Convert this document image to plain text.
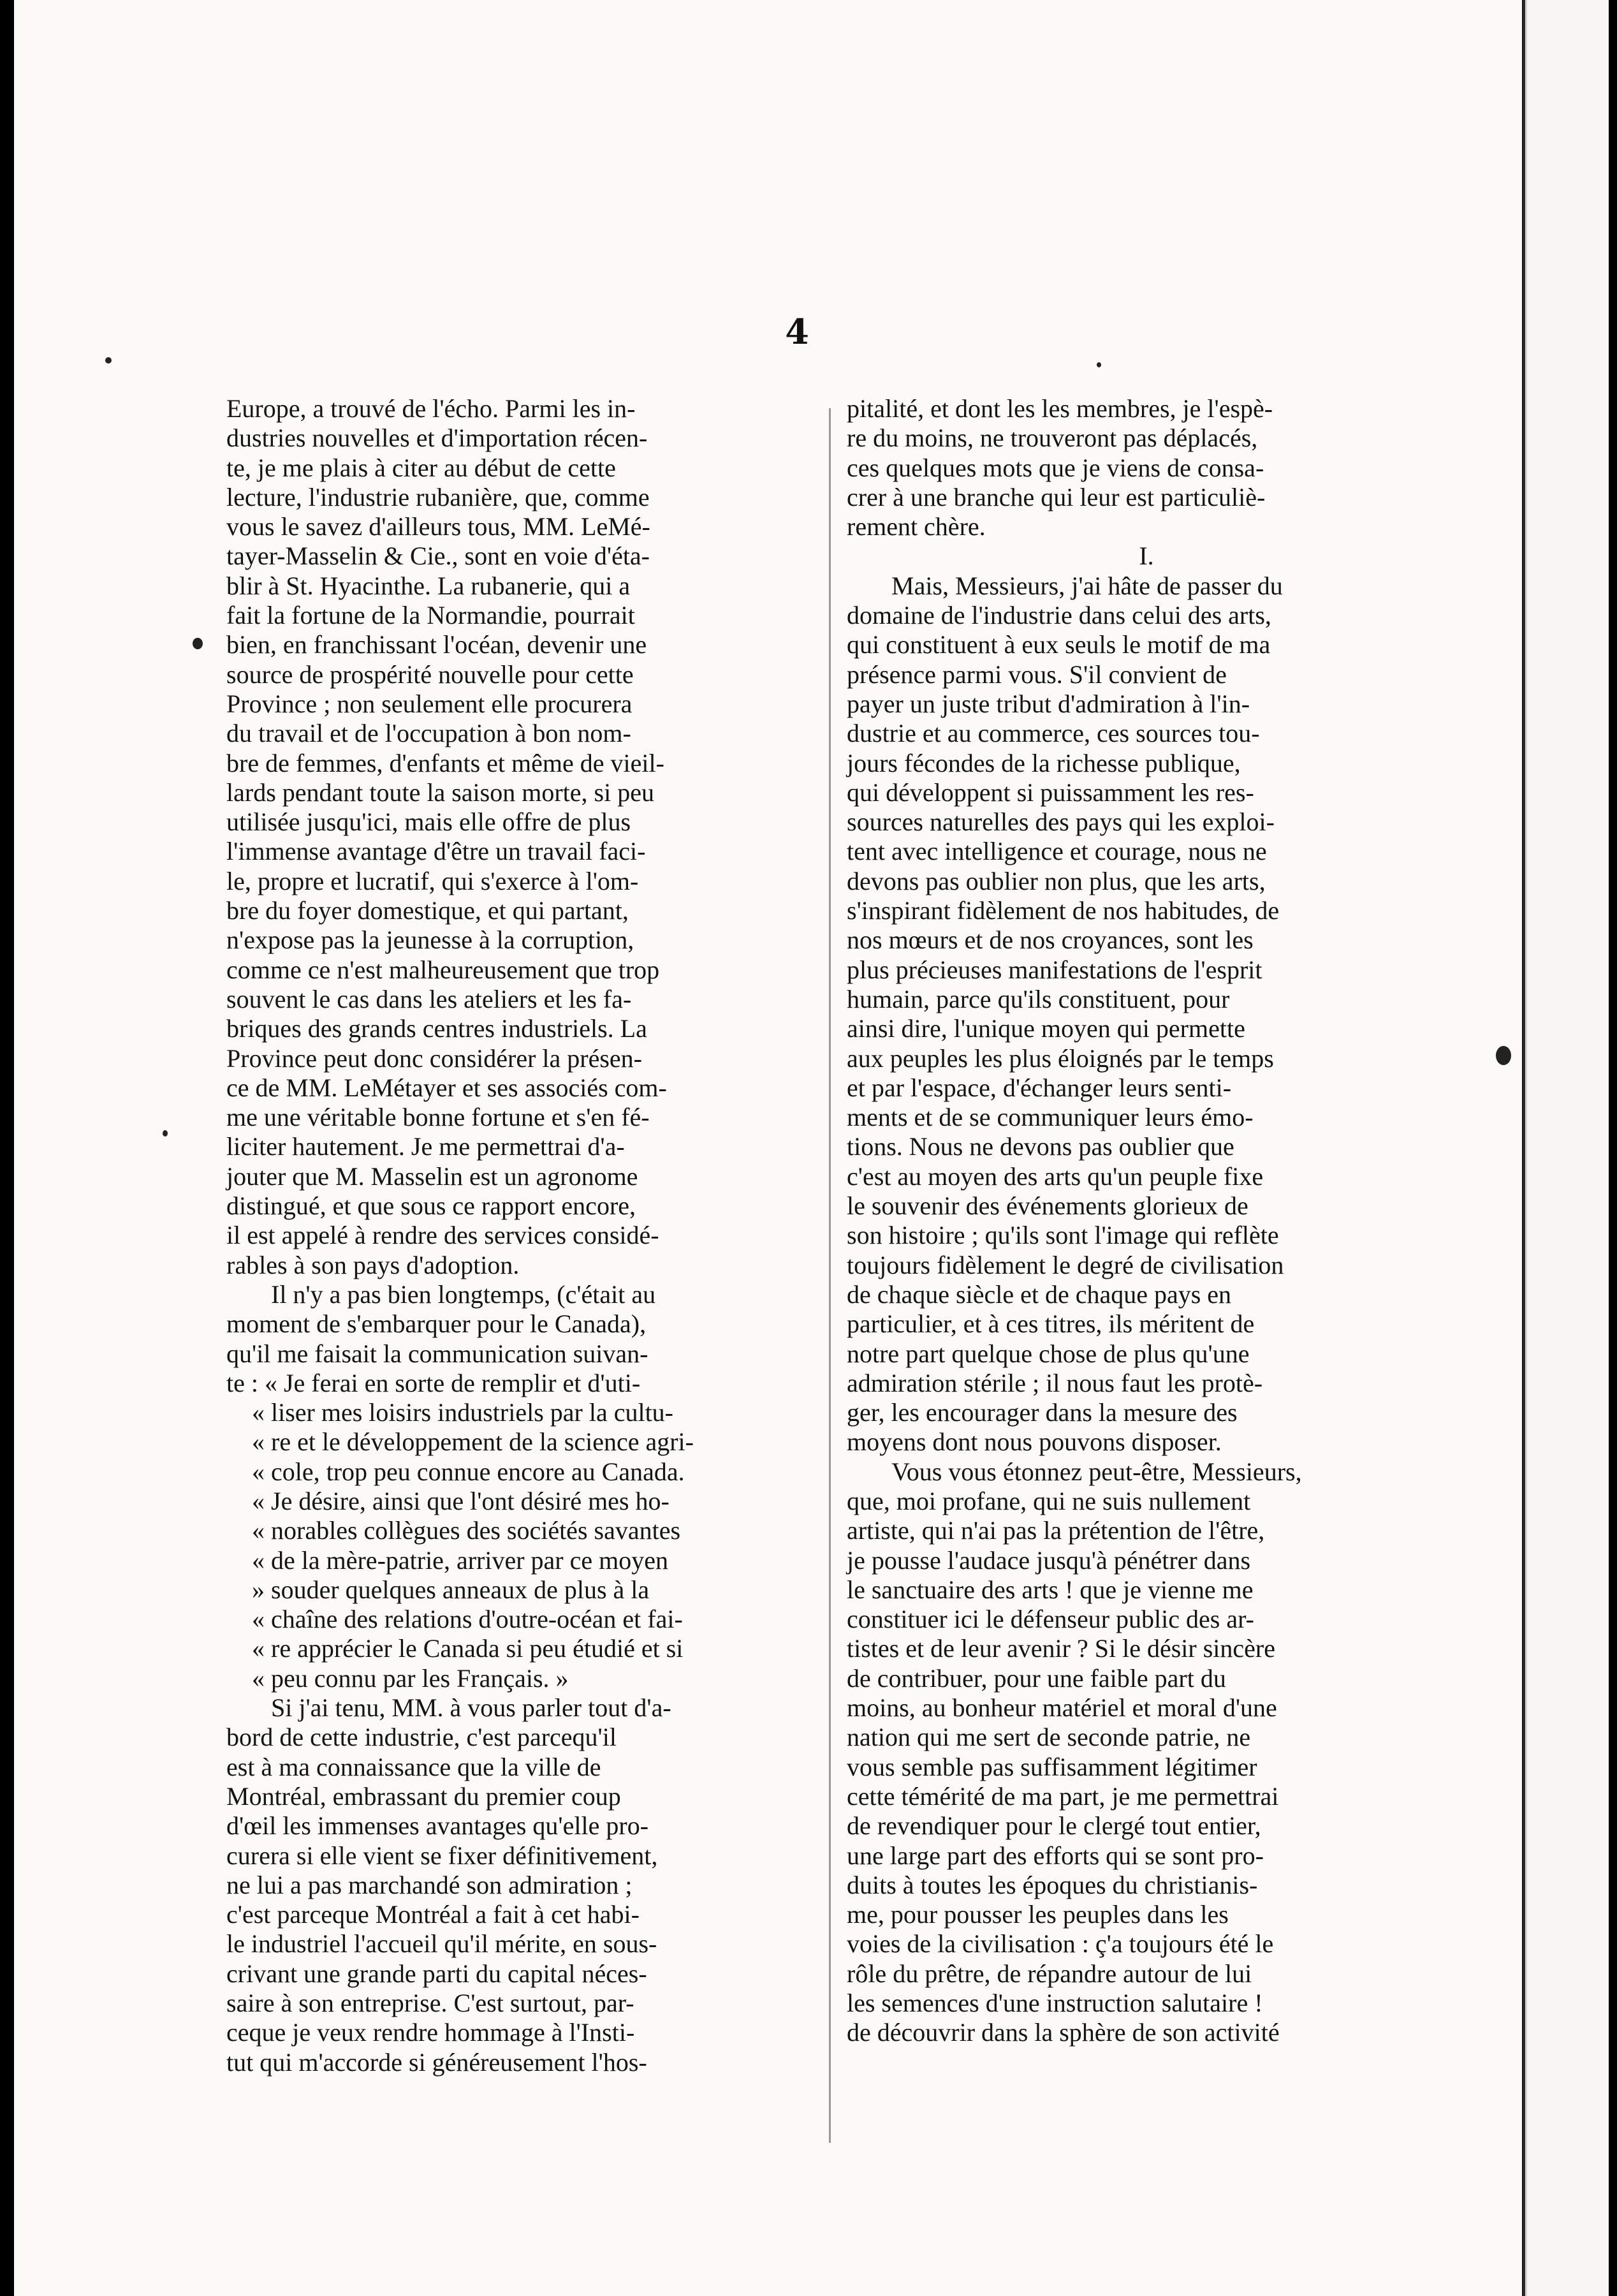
4
Europe, a trouvé de l'écho. Parmi les in-
dustries nouvelles et d'importation récen-
te, je me plais à citer au début de cette
lecture, l'industrie rubanière, que, comme
vous le savez d'ailleurs tous, MM. LeMé-
tayer-Masselin & Cie., sont en voie d'éta-
blir à St. Hyacinthe. La rubanerie, qui a
fait la fortune de la Normandie, pourrait
bien, en franchissant l'océan, devenir une
source de prospérité nouvelle pour cette
Province ; non seulement elle procurera
du travail et de l'occupation à bon nom-
bre de femmes, d'enfants et même de vieil-
lards pendant toute la saison morte, si peu
utilisée jusqu'ici, mais elle offre de plus
l'immense avantage d'être un travail faci-
le, propre et lucratif, qui s'exerce à l'om-
bre du foyer domestique, et qui partant,
n'expose pas la jeunesse à la corruption,
comme ce n'est malheureusement que trop
souvent le cas dans les ateliers et les fa-
briques des grands centres industriels. La
Province peut donc considérer la présen-
ce de MM. LeMétayer et ses associés com-
me une véritable bonne fortune et s'en fé-
liciter hautement. Je me permettrai d'a-
jouter que M. Masselin est un agronome
distingué, et que sous ce rapport encore,
il est appelé à rendre des services considé-
rables à son pays d'adoption.
Il n'y a pas bien longtemps, (c'était au
moment de s'embarquer pour le Canada),
qu'il me faisait la communication suivan-
te : « Je ferai en sorte de remplir et d'uti-
« liser mes loisirs industriels par la cultu-
« re et le développement de la science agri-
« cole, trop peu connue encore au Canada.
« Je désire, ainsi que l'ont désiré mes ho-
« norables collègues des sociétés savantes
« de la mère-patrie, arriver par ce moyen
» souder quelques anneaux de plus à la
« chaîne des relations d'outre-océan et fai-
« re apprécier le Canada si peu étudié et si
« peu connu par les Français. »
Si j'ai tenu, MM. à vous parler tout d'a-
bord de cette industrie, c'est parcequ'il
est à ma connaissance que la ville de
Montréal, embrassant du premier coup
d'œil les immenses avantages qu'elle pro-
curera si elle vient se fixer définitivement,
ne lui a pas marchandé son admiration ;
c'est parceque Montréal a fait à cet habi-
le industriel l'accueil qu'il mérite, en sous-
crivant une grande parti du capital néces-
saire à son entreprise. C'est surtout, par-
ceque je veux rendre hommage à l'Insti-
tut qui m'accorde si généreusement l'hos-
pitalité, et dont les les membres, je l'espè-
re du moins, ne trouveront pas déplacés,
ces quelques mots que je viens de consa-
crer à une branche qui leur est particuliè-
rement chère.
I.
Mais, Messieurs, j'ai hâte de passer du
domaine de l'industrie dans celui des arts,
qui constituent à eux seuls le motif de ma
présence parmi vous. S'il convient de
payer un juste tribut d'admiration à l'in-
dustrie et au commerce, ces sources tou-
jours fécondes de la richesse publique,
qui développent si puissamment les res-
sources naturelles des pays qui les exploi-
tent avec intelligence et courage, nous ne
devons pas oublier non plus, que les arts,
s'inspirant fidèlement de nos habitudes, de
nos mœurs et de nos croyances, sont les
plus précieuses manifestations de l'esprit
humain, parce qu'ils constituent, pour
ainsi dire, l'unique moyen qui permette
aux peuples les plus éloignés par le temps
et par l'espace, d'échanger leurs senti-
ments et de se communiquer leurs émo-
tions. Nous ne devons pas oublier que
c'est au moyen des arts qu'un peuple fixe
le souvenir des événements glorieux de
son histoire ; qu'ils sont l'image qui reflète
toujours fidèlement le degré de civilisation
de chaque siècle et de chaque pays en
particulier, et à ces titres, ils méritent de
notre part quelque chose de plus qu'une
admiration stérile ; il nous faut les protè-
ger, les encourager dans la mesure des
moyens dont nous pouvons disposer.
Vous vous étonnez peut-être, Messieurs,
que, moi profane, qui ne suis nullement
artiste, qui n'ai pas la prétention de l'être,
je pousse l'audace jusqu'à pénétrer dans
le sanctuaire des arts ! que je vienne me
constituer ici le défenseur public des ar-
tistes et de leur avenir ? Si le désir sincère
de contribuer, pour une faible part du
moins, au bonheur matériel et moral d'une
nation qui me sert de seconde patrie, ne
vous semble pas suffisamment légitimer
cette témérité de ma part, je me permettrai
de revendiquer pour le clergé tout entier,
une large part des efforts qui se sont pro-
duits à toutes les époques du christianis-
me, pour pousser les peuples dans les
voies de la civilisation : ç'a toujours été le
rôle du prêtre, de répandre autour de lui
les semences d'une instruction salutaire !
de découvrir dans la sphère de son activité
